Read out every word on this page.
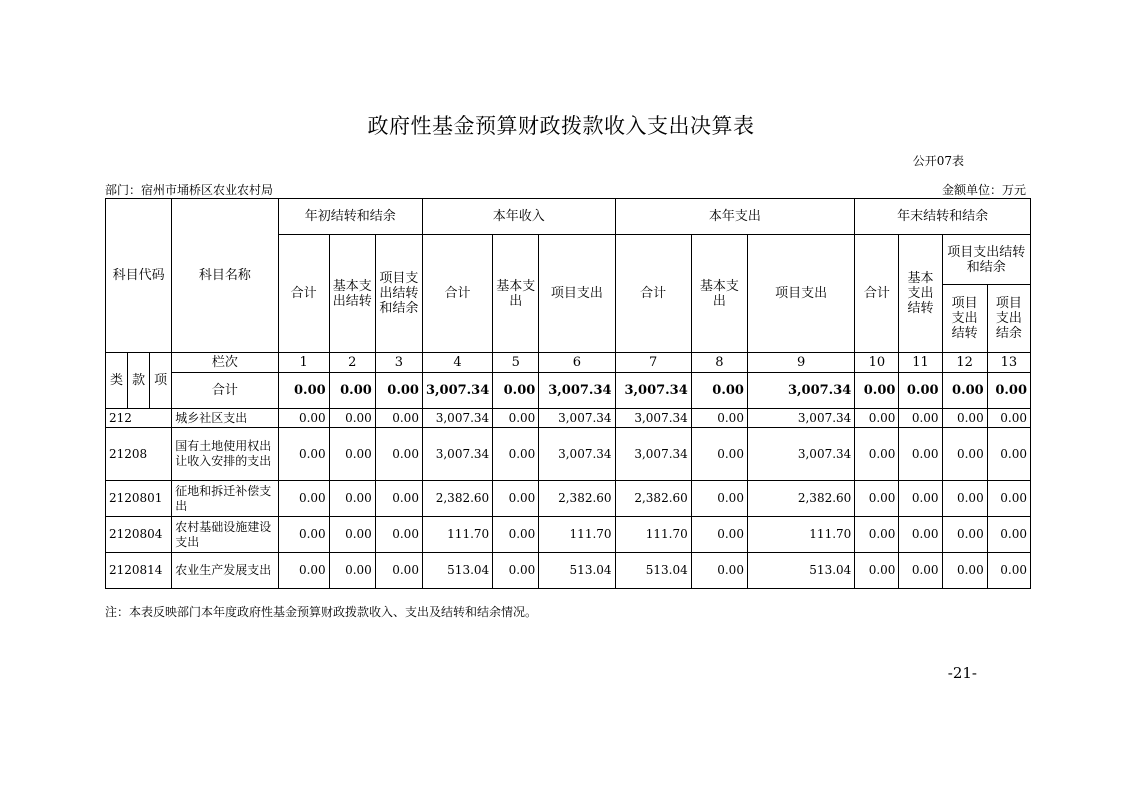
政府性基金预算财政拨款收入支出决算表
公开07表
部门：宿州市埇桥区农业农村局	金额单位：万元
科目代码			科目名称	年初结转和结余			本年收入			本年支出			年末结转和结余			
				合计	基本支出结转	项目支出结转和结余	合计	基本支出	项目支出	合计	基本支出	项目支出	合计	基本支出结转	项目支出结转和结余	
															项目支出结转	项目支出结余
类	款	项	栏次	1	2	3	4	5	6	7	8	9	10	11	12	13
			合计	0.00	0.00	0.00	3,007.34	0.00	3,007.34	3,007.34	0.00	3,007.34	0.00	0.00	0.00	0.00
212			城乡社区支出	0.00	0.00	0.00	3,007.34	0.00	3,007.34	3,007.34	0.00	3,007.34	0.00	0.00	0.00	0.00
21208			国有土地使用权出让收入安排的支出	0.00	0.00	0.00	3,007.34	0.00	3,007.34	3,007.34	0.00	3,007.34	0.00	0.00	0.00	0.00
2120801			征地和拆迁补偿支出	0.00	0.00	0.00	2,382.60	0.00	2,382.60	2,382.60	0.00	2,382.60	0.00	0.00	0.00	0.00
2120804			农村基础设施建设支出	0.00	0.00	0.00	111.70	0.00	111.70	111.70	0.00	111.70	0.00	0.00	0.00	0.00
2120814			农业生产发展支出	0.00	0.00	0.00	513.04	0.00	513.04	513.04	0.00	513.04	0.00	0.00	0.00	0.00
注：本表反映部门本年度政府性基金预算财政拨款收入、支出及结转和结余情况。
-21-
